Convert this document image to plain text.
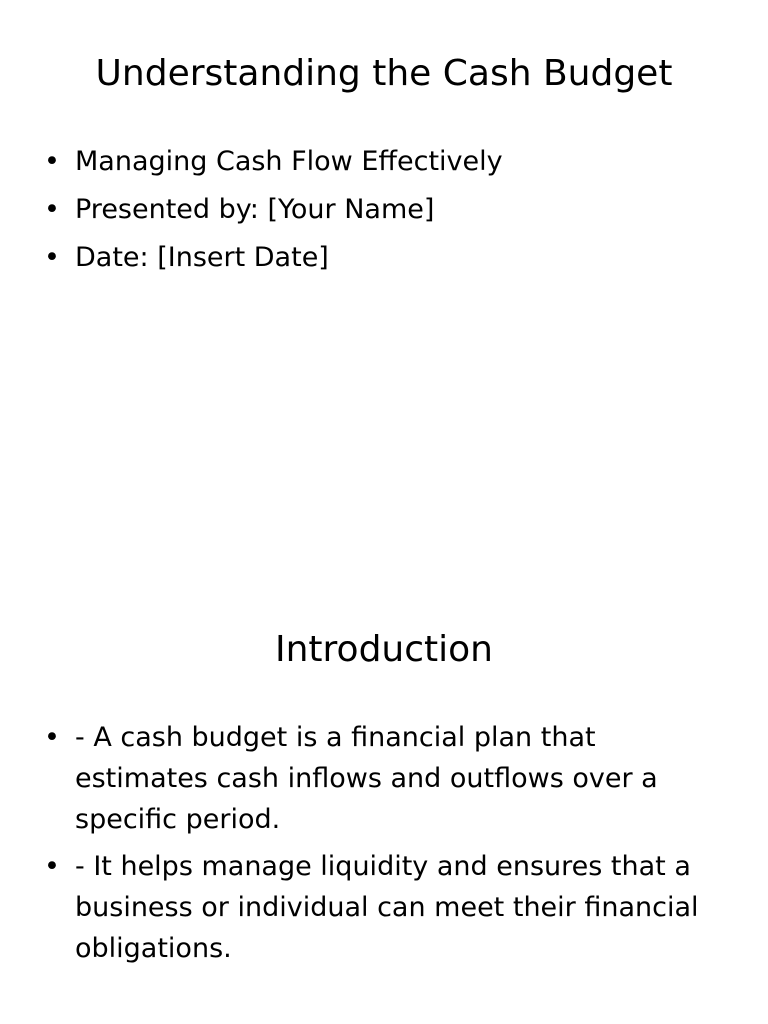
Understanding the Cash Budget
• Managing Cash Flow Effectively
• Presented by: [Your Name]
• Date: [Insert Date]
Introduction
• - A cash budget is a financial plan that estimates cash inflows and outflows over a specific period.
• - It helps manage liquidity and ensures that a business or individual can meet their financial obligations.
